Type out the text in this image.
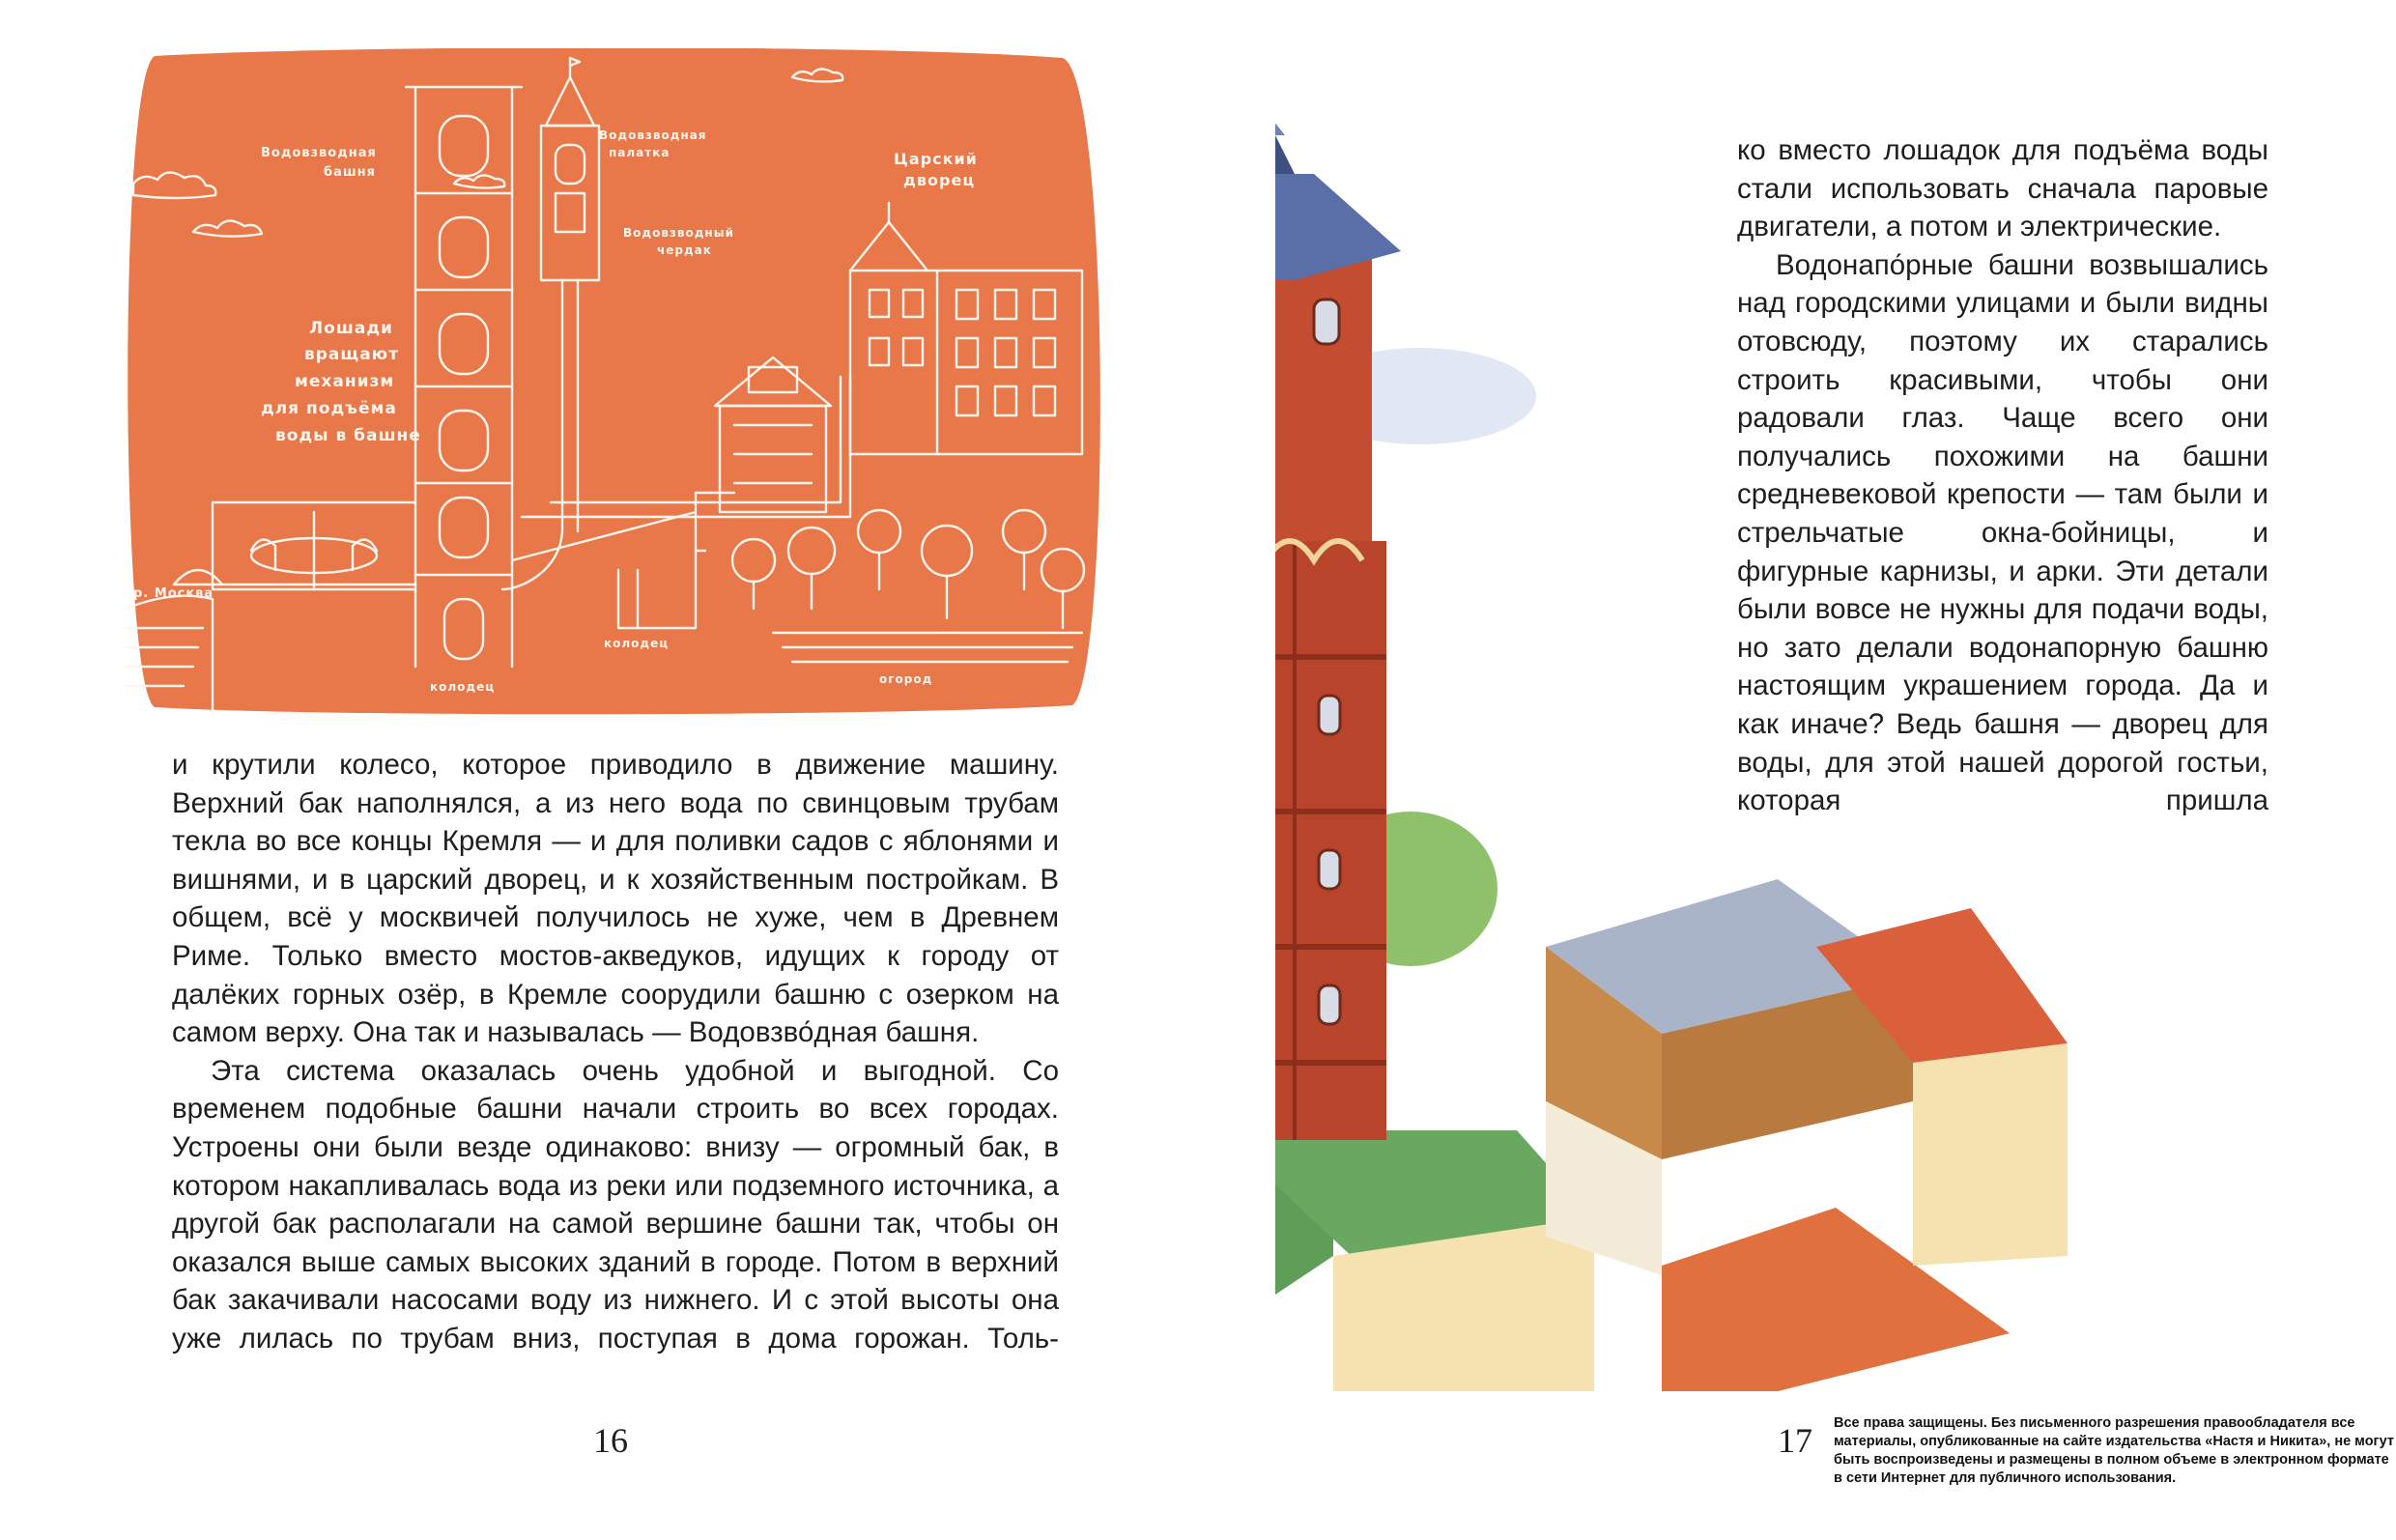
Водовзводная
башня
Водовзводная
палатка	Царский
дворец
Водовзводный
чердак
Лошади
вращают
механизм
для подъёма
воды в башне
р. Москва
колодец
колодец
огород

и крутили колесо, которое приводило в движение машину. Верхний бак наполнялся, а из него вода по свинцовым трубам текла во все концы Кремля — и для поливки садов с яблонями и вишнями, и в царский дворец, и к хозяйственным постройкам. В общем, всё у москвичей получилось не хуже, чем в Древнем Риме. Только вместо мостов-акведуков, идущих к городу от далёких горных озёр, в Кремле соорудили башню с озерком на самом верху. Она так и называлась — Водовзво́дная башня.

Эта система оказалась очень удобной и выгодной. Со временем подобные башни начали строить во всех городах. Устроены они были везде одинаково: внизу — огромный бак, в котором накапливалась вода из реки или подземного источника, а другой бак располагали на самой вершине башни так, чтобы он оказался выше самых высоких зданий в городе. Потом в верхний бак закачивали насосами воду из нижнего. И с этой высоты она уже лилась по трубам вниз, поступая в дома горожан. Толь-

16

ко вместо лошадок для подъёма воды стали использовать сначала паровые двигатели, а потом и электрические.

Водонапо́рные башни возвышались над городскими улицами и были видны отовсюду, поэтому их старались строить красивыми, чтобы они радовали глаз. Чаще всего они получались похожими на башни средневековой крепости — там были и стрельчатые окна-бойницы, и фигурные карнизы, и арки. Эти детали были вовсе не нужны для подачи воды, но зато делали водонапорную башню настоящим украшением города. Да и как иначе? Ведь башня — дворец для воды, для этой нашей дорогой гостьи, которая пришла

17 Все права защищены. Без письменного разрешения правообладателя все материалы, опубликованные на сайте издательства «Настя и Никита», не могут быть воспроизведены и размещены в полном объеме в электронном формате в сети Интернет для публичного использования.
